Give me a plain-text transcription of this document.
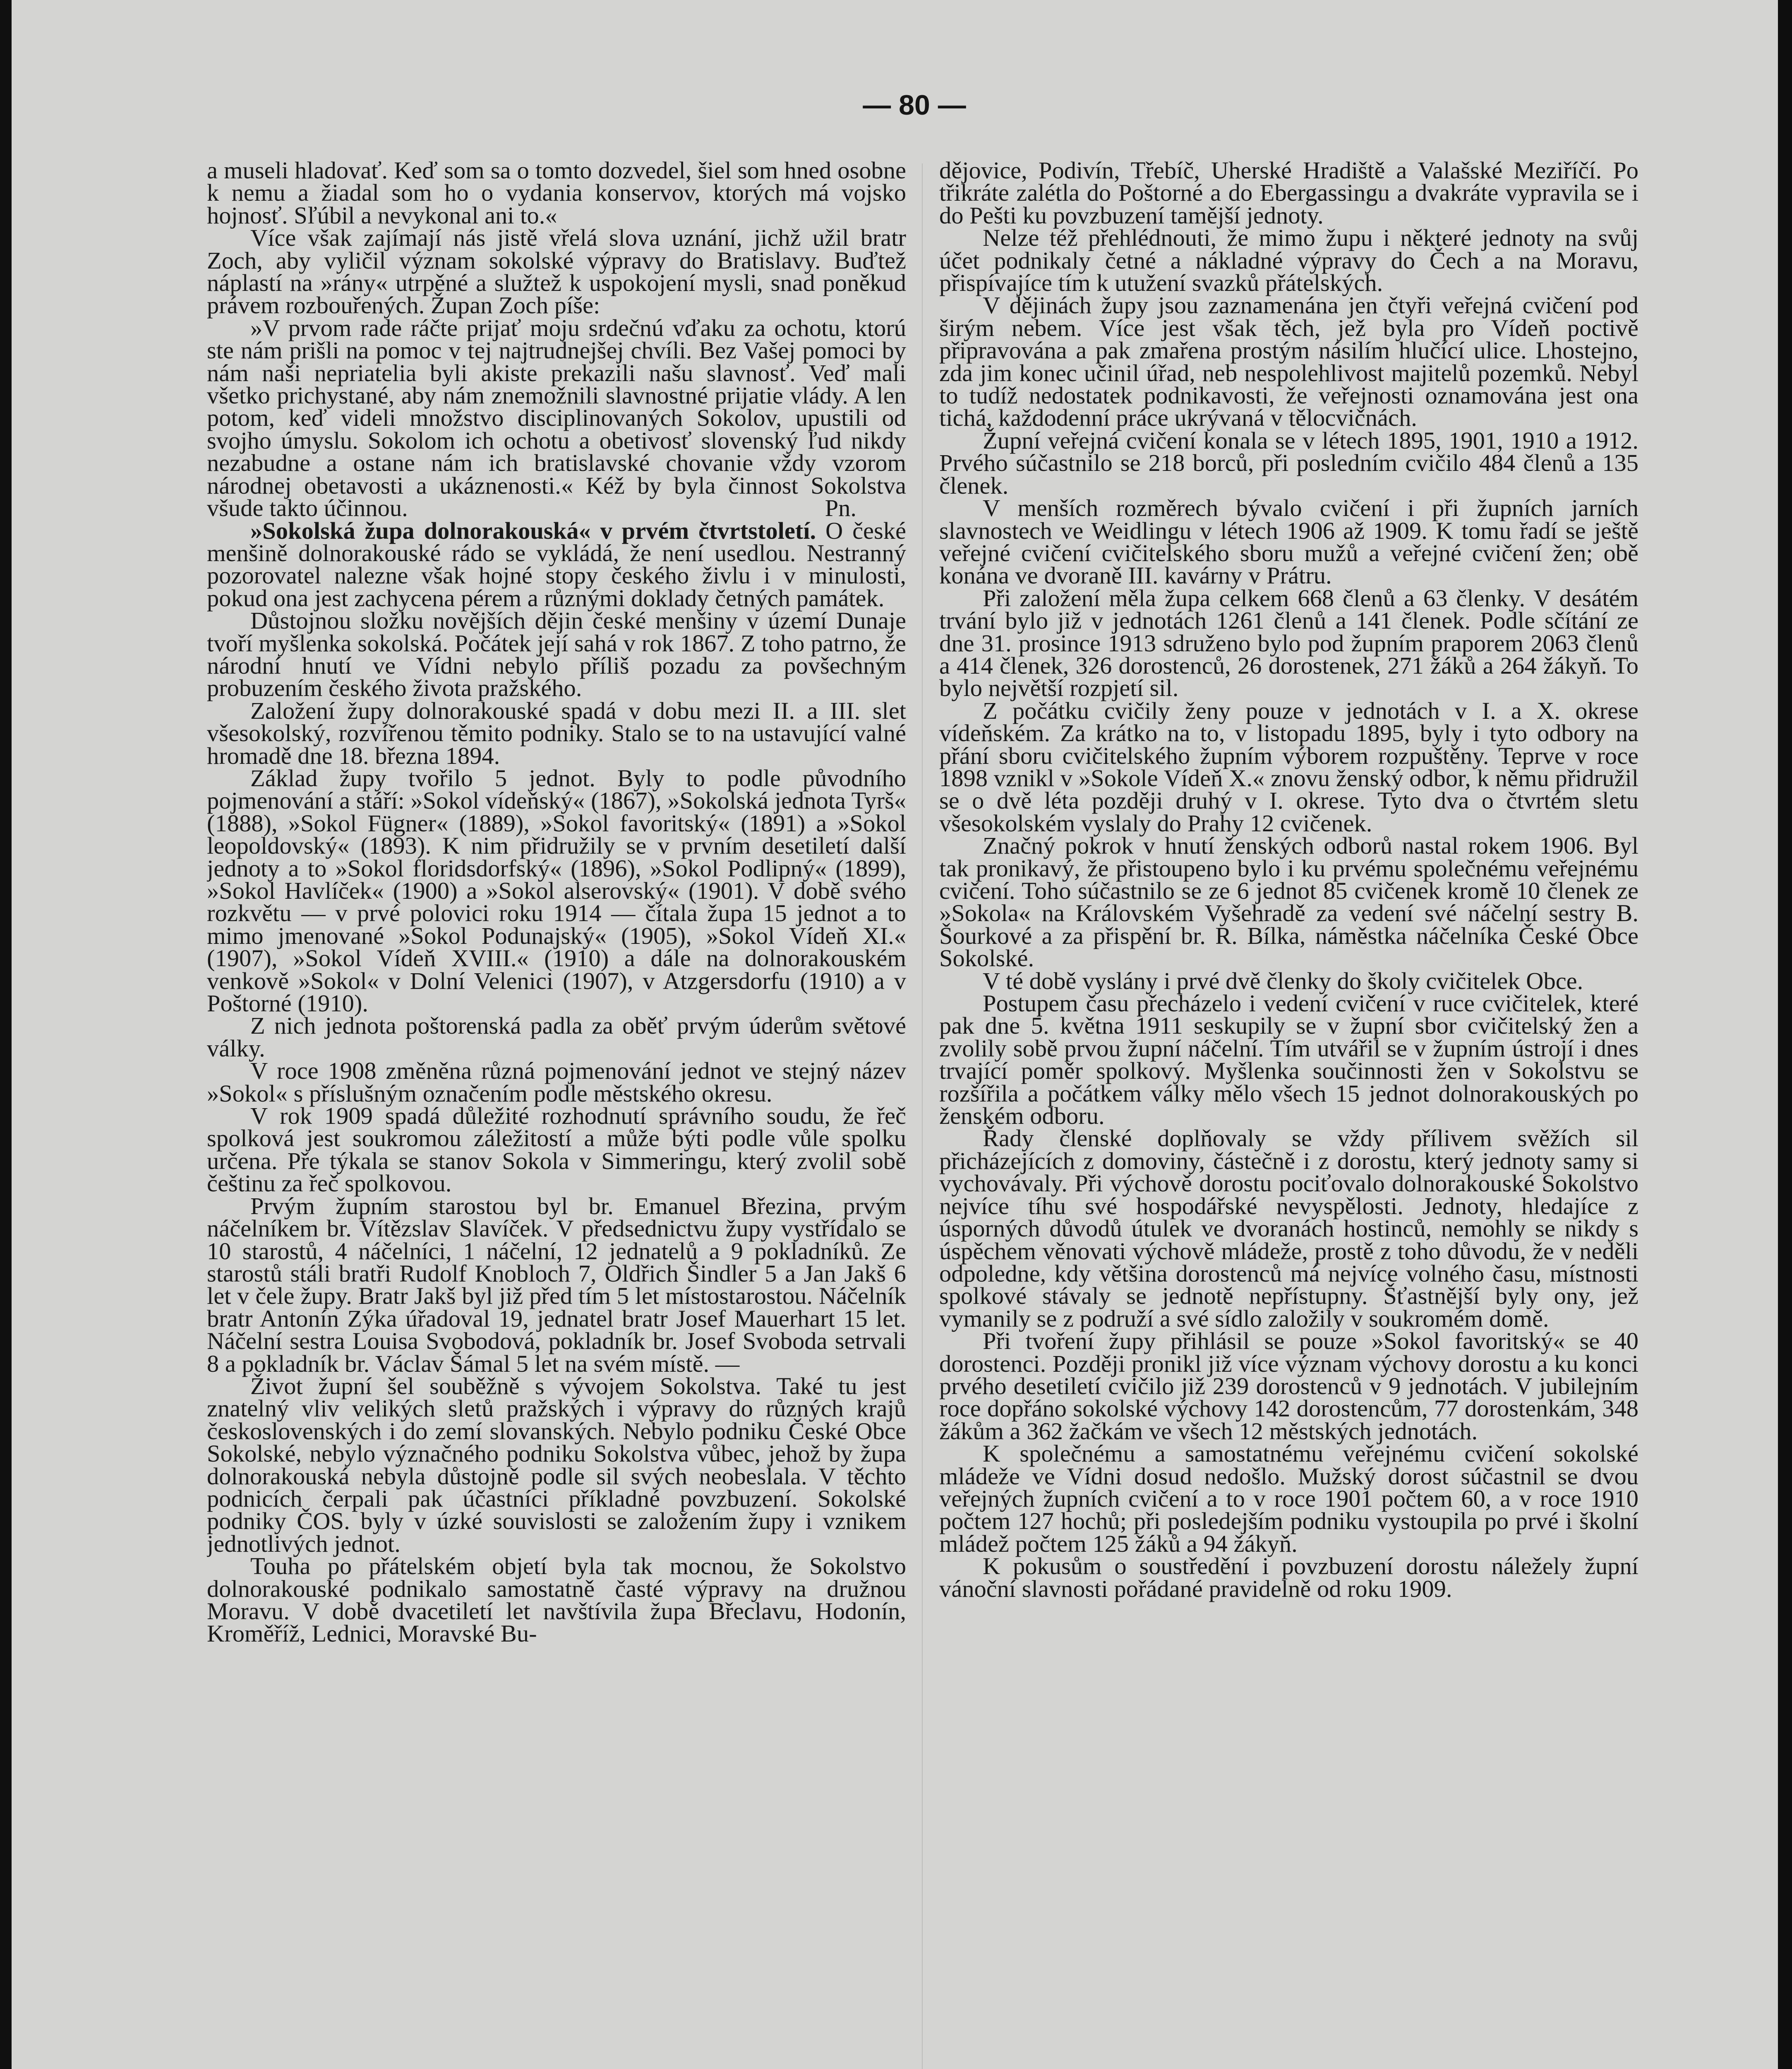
— 80 —

a museli hladovať. Keď som sa o tomto dozvedel, šiel som hned osobne k nemu a žiadal som ho o vydania konservov, ktorých má vojsko hojnosť. Sľúbil a nevykonal ani to.«

Více však zajímají nás jistě vřelá slova uznání, jichž užil bratr Zoch, aby vyličil význam sokolské výpravy do Bratislavy. Buďtež náplastí na »rány« utrpěné a služtež k uspokojení mysli, snad poněkud právem rozbouřených. Župan Zoch píše:

»V prvom rade ráčte prijať moju srdečnú vďaku za ochotu, ktorú ste nám prišli na pomoc v tej najtrudnejšej chvíli. Bez Vašej pomoci by nám naši nepriatelia byli akiste prekazili našu slavnosť. Veď mali všetko prichystané, aby nám znemožnili slavnostné prijatie vlády. A len potom, keď videli množstvo disciplinovaných Sokolov, upustili od svojho úmyslu. Sokolom ich ochotu a obetivosť slovenský ľud nikdy nezabudne a ostane nám ich bratislavské chovanie vždy vzorom národnej obetavosti a ukáznenosti.« Kéž by byla činnost Sokolstva všude takto účinnou.	Pn.

»Sokolská župa dolnorakouská« v prvém čtvrtstoletí. O české menšině dolnorakouské rádo se vykládá, že není usedlou. Nestranný pozorovatel nalezne však hojné stopy českého živlu i v minulosti, pokud ona jest zachycena pérem a různými doklady četných památek.

Důstojnou složku novějších dějin české menšiny v území Dunaje tvoří myšlenka sokolská. Počátek její sahá v rok 1867. Z toho patrno, že národní hnutí ve Vídni nebylo příliš pozadu za povšechným probuzením českého života pražského.

Založení župy dolnorakouské spadá v dobu mezi II. a III. slet všesokolský, rozvířenou těmito podniky. Stalo se to na ustavující valné hromadě dne 18. března 1894.

Základ župy tvořilo 5 jednot. Byly to podle původního pojmenování a stáří: »Sokol vídeňský« (1867), »Sokolská jednota Tyrš« (1888), »Sokol Fügner« (1889), »Sokol favoritský« (1891) a »Sokol leopoldovský« (1893). K nim přidružily se v prvním desetiletí další jednoty a to »Sokol floridsdorfský« (1896), »Sokol Podlipný« (1899), »Sokol Havlíček« (1900) a »Sokol alserovský« (1901). V době svého rozkvětu — v prvé polovici roku 1914 — čítala župa 15 jednot a to mimo jmenované »Sokol Podunajský« (1905), »Sokol Vídeň XI.« (1907), »Sokol Vídeň XVIII.« (1910) a dále na dolnorakouském venkově »Sokol« v Dolní Velenici (1907), v Atzgersdorfu (1910) a v Poštorné (1910).

Z nich jednota poštorenská padla za oběť prvým úderům světové války.

V roce 1908 změněna různá pojmenování jednot ve stejný název »Sokol« s příslušným označením podle městského okresu.

V rok 1909 spadá důležité rozhodnutí správního soudu, že řeč spolková jest soukromou záležitostí a může býti podle vůle spolku určena. Pře týkala se stanov Sokola v Simmeringu, který zvolil sobě češtinu za řeč spolkovou.

Prvým župním starostou byl br. Emanuel Březina, prvým náčelníkem br. Vítězslav Slavíček. V předsednictvu župy vystřídalo se 10 starostů, 4 náčelníci, 1 náčelní, 12 jednatelů a 9 pokladníků. Ze starostů stáli bratři Rudolf Knobloch 7, Oldřich Šindler 5 a Jan Jakš 6 let v čele župy. Bratr Jakš byl již před tím 5 let místostarostou. Náčelník bratr Antonín Zýka úřadoval 19, jednatel bratr Josef Mauerhart 15 let. Náčelní sestra Louisa Svobodová, pokladník br. Josef Svoboda setrvali 8 a pokladník br. Václav Šámal 5 let na svém místě. —

Život župní šel souběžně s vývojem Sokolstva. Také tu jest znatelný vliv velikých sletů pražských i výpravy do různých krajů československých i do zemí slovanských. Nebylo podniku České Obce Sokolské, nebylo význačného podniku Sokolstva vůbec, jehož by župa dolnorakouská nebyla důstojně podle sil svých neobeslala. V těchto podnicích čerpali pak účastníci příkladné povzbuzení. Sokolské podniky ČOS. byly v úzké souvislosti se založením župy i vznikem jednotlivých jednot.

Touha po přátelském objetí byla tak mocnou, že Sokolstvo dolnorakouské podnikalo samostatně časté výpravy na družnou Moravu. V době dvacetiletí let navštívila župa Břeclavu, Hodonín, Kroměříž, Lednici, Moravské Bu-

dějovice, Podivín, Třebíč, Uherské Hradiště a Valašské Meziříčí. Po třikráte zalétla do Poštorné a do Ebergassingu a dvakráte vypravila se i do Pešti ku povzbuzení tamější jednoty.

Nelze též přehlédnouti, že mimo župu i některé jednoty na svůj účet podnikaly četné a nákladné výpravy do Čech a na Moravu, přispívajíce tím k utužení svazků přátelských.

V dějinách župy jsou zaznamenána jen čtyři veřejná cvičení pod širým nebem. Více jest však těch, jež byla pro Vídeň poctivě připravována a pak zmařena prostým násilím hlučící ulice. Lhostejno, zda jim konec učinil úřad, neb nespolehlivost majitelů pozemků. Nebyl to tudíž nedostatek podnikavosti, že veřejnosti oznamována jest ona tichá, každodenní práce ukrývaná v tělocvičnách.

Župní veřejná cvičení konala se v létech 1895, 1901, 1910 a 1912. Prvého súčastnilo se 218 borců, při posledním cvičilo 484 členů a 135 členek.

V menších rozměrech bývalo cvičení i při župních jarních slavnostech ve Weidlingu v létech 1906 až 1909. K tomu řadí se ještě veřejné cvičení cvičitelského sboru mužů a veřejné cvičení žen; obě konána ve dvoraně III. kavárny v Prátru.

Při založení měla župa celkem 668 členů a 63 členky. V desátém trvání bylo již v jednotách 1261 členů a 141 členek. Podle sčítání ze dne 31. prosince 1913 sdruženo bylo pod župním praporem 2063 členů a 414 členek, 326 dorostenců, 26 dorostenek, 271 žáků a 264 žákyň. To bylo největší rozpjetí sil.

Z počátku cvičily ženy pouze v jednotách v I. a X. okrese vídeňském. Za krátko na to, v listopadu 1895, byly i tyto odbory na přání sboru cvičitelského župním výborem rozpuštěny. Teprve v roce 1898 vznikl v »Sokole Vídeň X.« znovu ženský odbor, k němu přidružil se o dvě léta později druhý v I. okrese. Tyto dva o čtvrtém sletu všesokolském vyslaly do Prahy 12 cvičenek.

Značný pokrok v hnutí ženských odborů nastal rokem 1906. Byl tak pronikavý, že přistoupeno bylo i ku prvému společnému veřejnému cvičení. Toho súčastnilo se ze 6 jednot 85 cvičenek kromě 10 členek ze »Sokola« na Královském Vyšehradě za vedení své náčelní sestry B. Šourkové a za přispění br. R. Bílka, náměstka náčelníka České Obce Sokolské.

V té době vyslány i prvé dvě členky do školy cvičitelek Obce.

Postupem času přecházelo i vedení cvičení v ruce cvičitelek, které pak dne 5. května 1911 seskupily se v župní sbor cvičitelský žen a zvolily sobě prvou župní náčelní. Tím utvářil se v župním ústrojí i dnes trvající poměr spolkový. Myšlenka součinnosti žen v Sokolstvu se rozšířila a počátkem války mělo všech 15 jednot dolnorakouských po ženském odboru.

Řady členské doplňovaly se vždy přílivem svěžích sil přicházejících z domoviny, částečně i z dorostu, který jednoty samy si vychovávaly. Při výchově dorostu pociťovalo dolnorakouské Sokolstvo nejvíce tíhu své hospodářské nevyspělosti. Jednoty, hledajíce z úsporných důvodů útulek ve dvoranách hostinců, nemohly se nikdy s úspěchem věnovati výchově mládeže, prostě z toho důvodu, že v neděli odpoledne, kdy většina dorostenců má nejvíce volného času, místnosti spolkové stávaly se jednotě nepřístupny. Šťastnější byly ony, jež vymanily se z podruží a své sídlo založily v soukromém domě.

Při tvoření župy přihlásil se pouze »Sokol favoritský« se 40 dorostenci. Později pronikl již více význam výchovy dorostu a ku konci prvého desetiletí cvičilo již 239 dorostenců v 9 jednotách. V jubilejním roce dopřáno sokolské výchovy 142 dorostencům, 77 dorostenkám, 348 žákům a 362 žačkám ve všech 12 městských jednotách.

K společnému a samostatnému veřejnému cvičení sokolské mládeže ve Vídni dosud nedošlo. Mužský dorost súčastnil se dvou veřejných župních cvičení a to v roce 1901 počtem 60, a v roce 1910 počtem 127 hochů; při posledejším podniku vystoupila po prvé i školní mládež počtem 125 žáků a 94 žákyň.

K pokusům o soustředění i povzbuzení dorostu náležely župní vánoční slavnosti pořádané pravidelně od roku 1909.
